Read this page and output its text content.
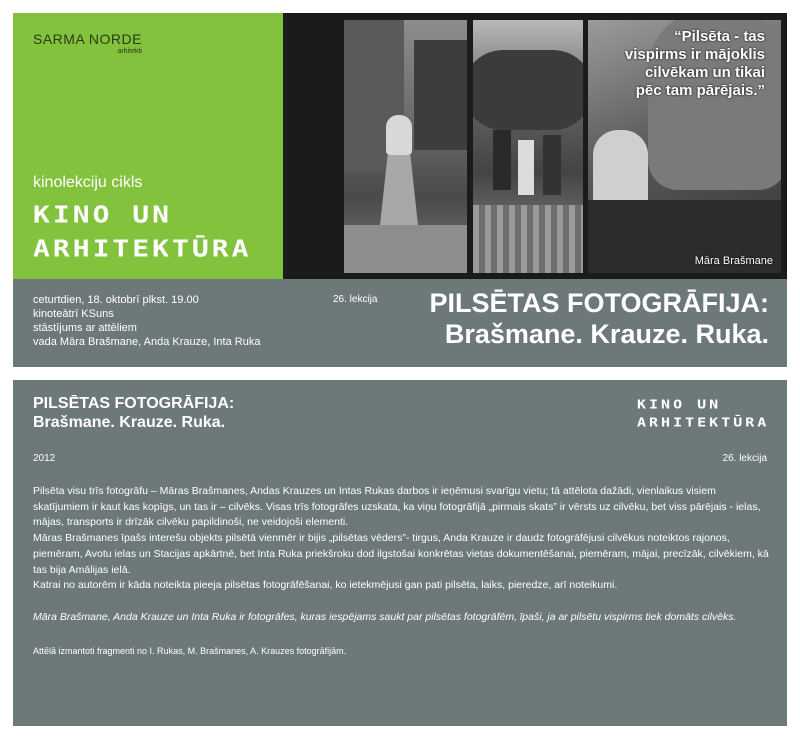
SARMA NORDE
arhitekti
kinolekciju cikls
KINO UN
ARHITEKTŪRA
“Pilsēta - tas vispirms ir mājoklis cilvēkam un tikai pēc tam pārējais.”
Māra Brašmane
ceturtdien, 18. oktobrī plkst. 19.00
kinoteātrī KSuns
stāstījums ar attēliem
vada Māra Brašmane, Anda Krauze, Inta Ruka
26. lekcija PILSĒTAS FOTOGRĀFIJA:
Brašmane. Krauze. Ruka.
PILSĒTAS FOTOGRĀFIJA:
Brašmane. Krauze. Ruka.
KINO UN
ARHITEKTŪRA
2012	26. lekcija

Pilsēta visu trīs fotogrāfu – Māras Brašmanes, Andas Krauzes un Intas Rukas darbos ir ieņēmusi svarīgu vietu; tā attēlota dažādi, vienlaikus visiem skatījumiem ir kaut kas kopīgs, un tas ir – cilvēks. Visas trīs fotogrāfes uzskata, ka viņu fotogrāfijā „pirmais skats” ir vērsts uz cilvēku, bet viss pārējais - ielas, mājas, transports ir drīzāk cilvēku papildinoši, ne veidojoši elementi.

Māras Brašmanes īpašs interešu objekts pilsētā vienmēr ir bijis „pilsētas vēders”- tirgus, Anda Krauze ir daudz fotogrāfējusi cilvēkus noteiktos rajonos, piemēram, Avotu ielas un Stacijas apkārtnē, bet Inta Ruka priekšroku dod ilgstošai konkrētas vietas dokumentēšanai, piemēram, mājai, precīzāk, cilvēkiem, kā tas bija Amālijas ielā.

Katrai no autorēm ir kāda noteikta pieeja pilsētas fotogrāfēšanai, ko ietekmējusi gan pati pilsēta, laiks, pieredze, arī noteikumi.

Māra Brašmane, Anda Krauze un Inta Ruka ir fotogrāfes, kuras iespējams saukt par pilsētas fotogrāfēm, īpaši, ja ar pilsētu vispirms tiek domāts cilvēks.

Attēlā izmantoti fragmenti no I. Rukas, M. Brašmanes, A. Krauzes fotogrāfijām.
